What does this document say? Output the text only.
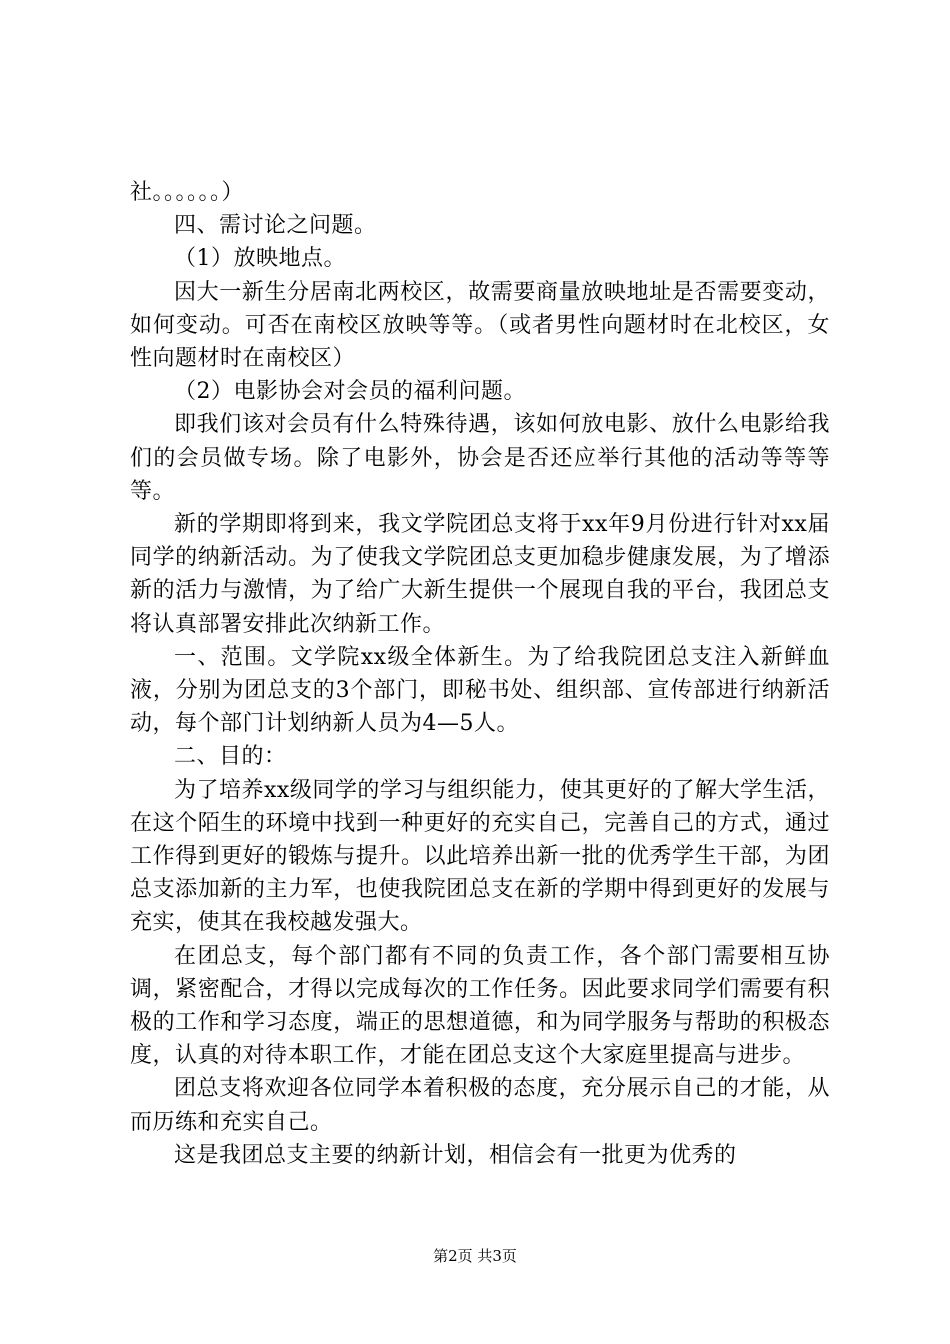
社。。。。。。）

四、需讨论之问题。

（1）放映地点。

因大一新生分居南北两校区，故需要商量放映地址是否需要变动，如何变动。可否在南校区放映等等。（或者男性向题材时在北校区，女性向题材时在南校区）

（2）电影协会对会员的福利问题。

即我们该对会员有什么特殊待遇，该如何放电影、放什么电影给我们的会员做专场。除了电影外，协会是否还应举行其他的活动等等等等。

新的学期即将到来，我文学院团总支将于xx年9月份进行针对xx届同学的纳新活动。为了使我文学院团总支更加稳步健康发展，为了增添新的活力与激情，为了给广大新生提供一个展现自我的平台，我团总支将认真部署安排此次纳新工作。

一、范围。文学院xx级全体新生。为了给我院团总支注入新鲜血液，分别为团总支的3个部门，即秘书处、组织部、宣传部进行纳新活动，每个部门计划纳新人员为4—5人。

二、目的：

为了培养xx级同学的学习与组织能力，使其更好的了解大学生活，在这个陌生的环境中找到一种更好的充实自己，完善自己的方式，通过工作得到更好的锻炼与提升。以此培养出新一批的优秀学生干部，为团总支添加新的主力军，也使我院团总支在新的学期中得到更好的发展与充实，使其在我校越发强大。

在团总支，每个部门都有不同的负责工作，各个部门需要相互协调，紧密配合，才得以完成每次的工作任务。因此要求同学们需要有积极的工作和学习态度，端正的思想道德，和为同学服务与帮助的积极态度，认真的对待本职工作，才能在团总支这个大家庭里提高与进步。

团总支将欢迎各位同学本着积极的态度，充分展示自己的才能，从而历练和充实自己。

这是我团总支主要的纳新计划，相信会有一批更为优秀的

第2页 共3页
